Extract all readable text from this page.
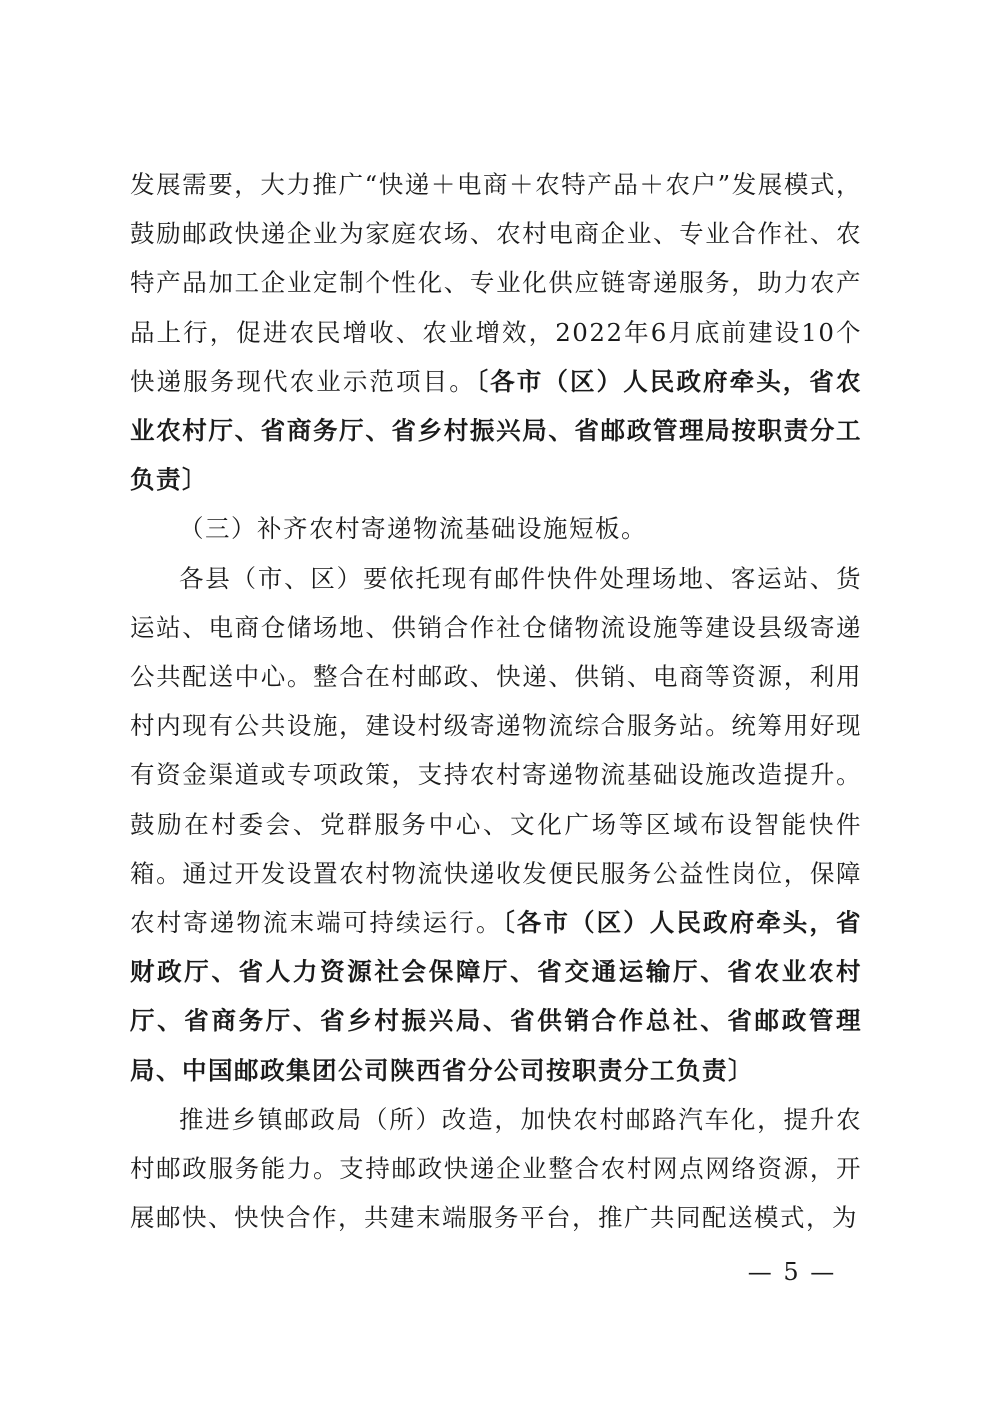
发展需要，大力推广“快递＋电商＋农特产品＋农户”发展模式，鼓励邮政快递企业为家庭农场、农村电商企业、专业合作社、农特产品加工企业定制个性化、专业化供应链寄递服务，助力农产品上行，促进农民增收、农业增效，2022年6月底前建设10个快递服务现代农业示范项目。〔各市（区）人民政府牵头，省农业农村厅、省商务厅、省乡村振兴局、省邮政管理局按职责分工负责〕

（三）补齐农村寄递物流基础设施短板。

各县（市、区）要依托现有邮件快件处理场地、客运站、货运站、电商仓储场地、供销合作社仓储物流设施等建设县级寄递公共配送中心。整合在村邮政、快递、供销、电商等资源，利用村内现有公共设施，建设村级寄递物流综合服务站。统筹用好现有资金渠道或专项政策，支持农村寄递物流基础设施改造提升。鼓励在村委会、党群服务中心、文化广场等区域布设智能快件箱。通过开发设置农村物流快递收发便民服务公益性岗位，保障农村寄递物流末端可持续运行。〔各市（区）人民政府牵头，省财政厅、省人力资源社会保障厅、省交通运输厅、省农业农村厅、省商务厅、省乡村振兴局、省供销合作总社、省邮政管理局、中国邮政集团公司陕西省分公司按职责分工负责〕

推进乡镇邮政局（所）改造，加快农村邮路汽车化，提升农村邮政服务能力。支持邮政快递企业整合农村网点网络资源，开展邮快、快快合作，共建末端服务平台，推广共同配送模式，为

— 5 —
